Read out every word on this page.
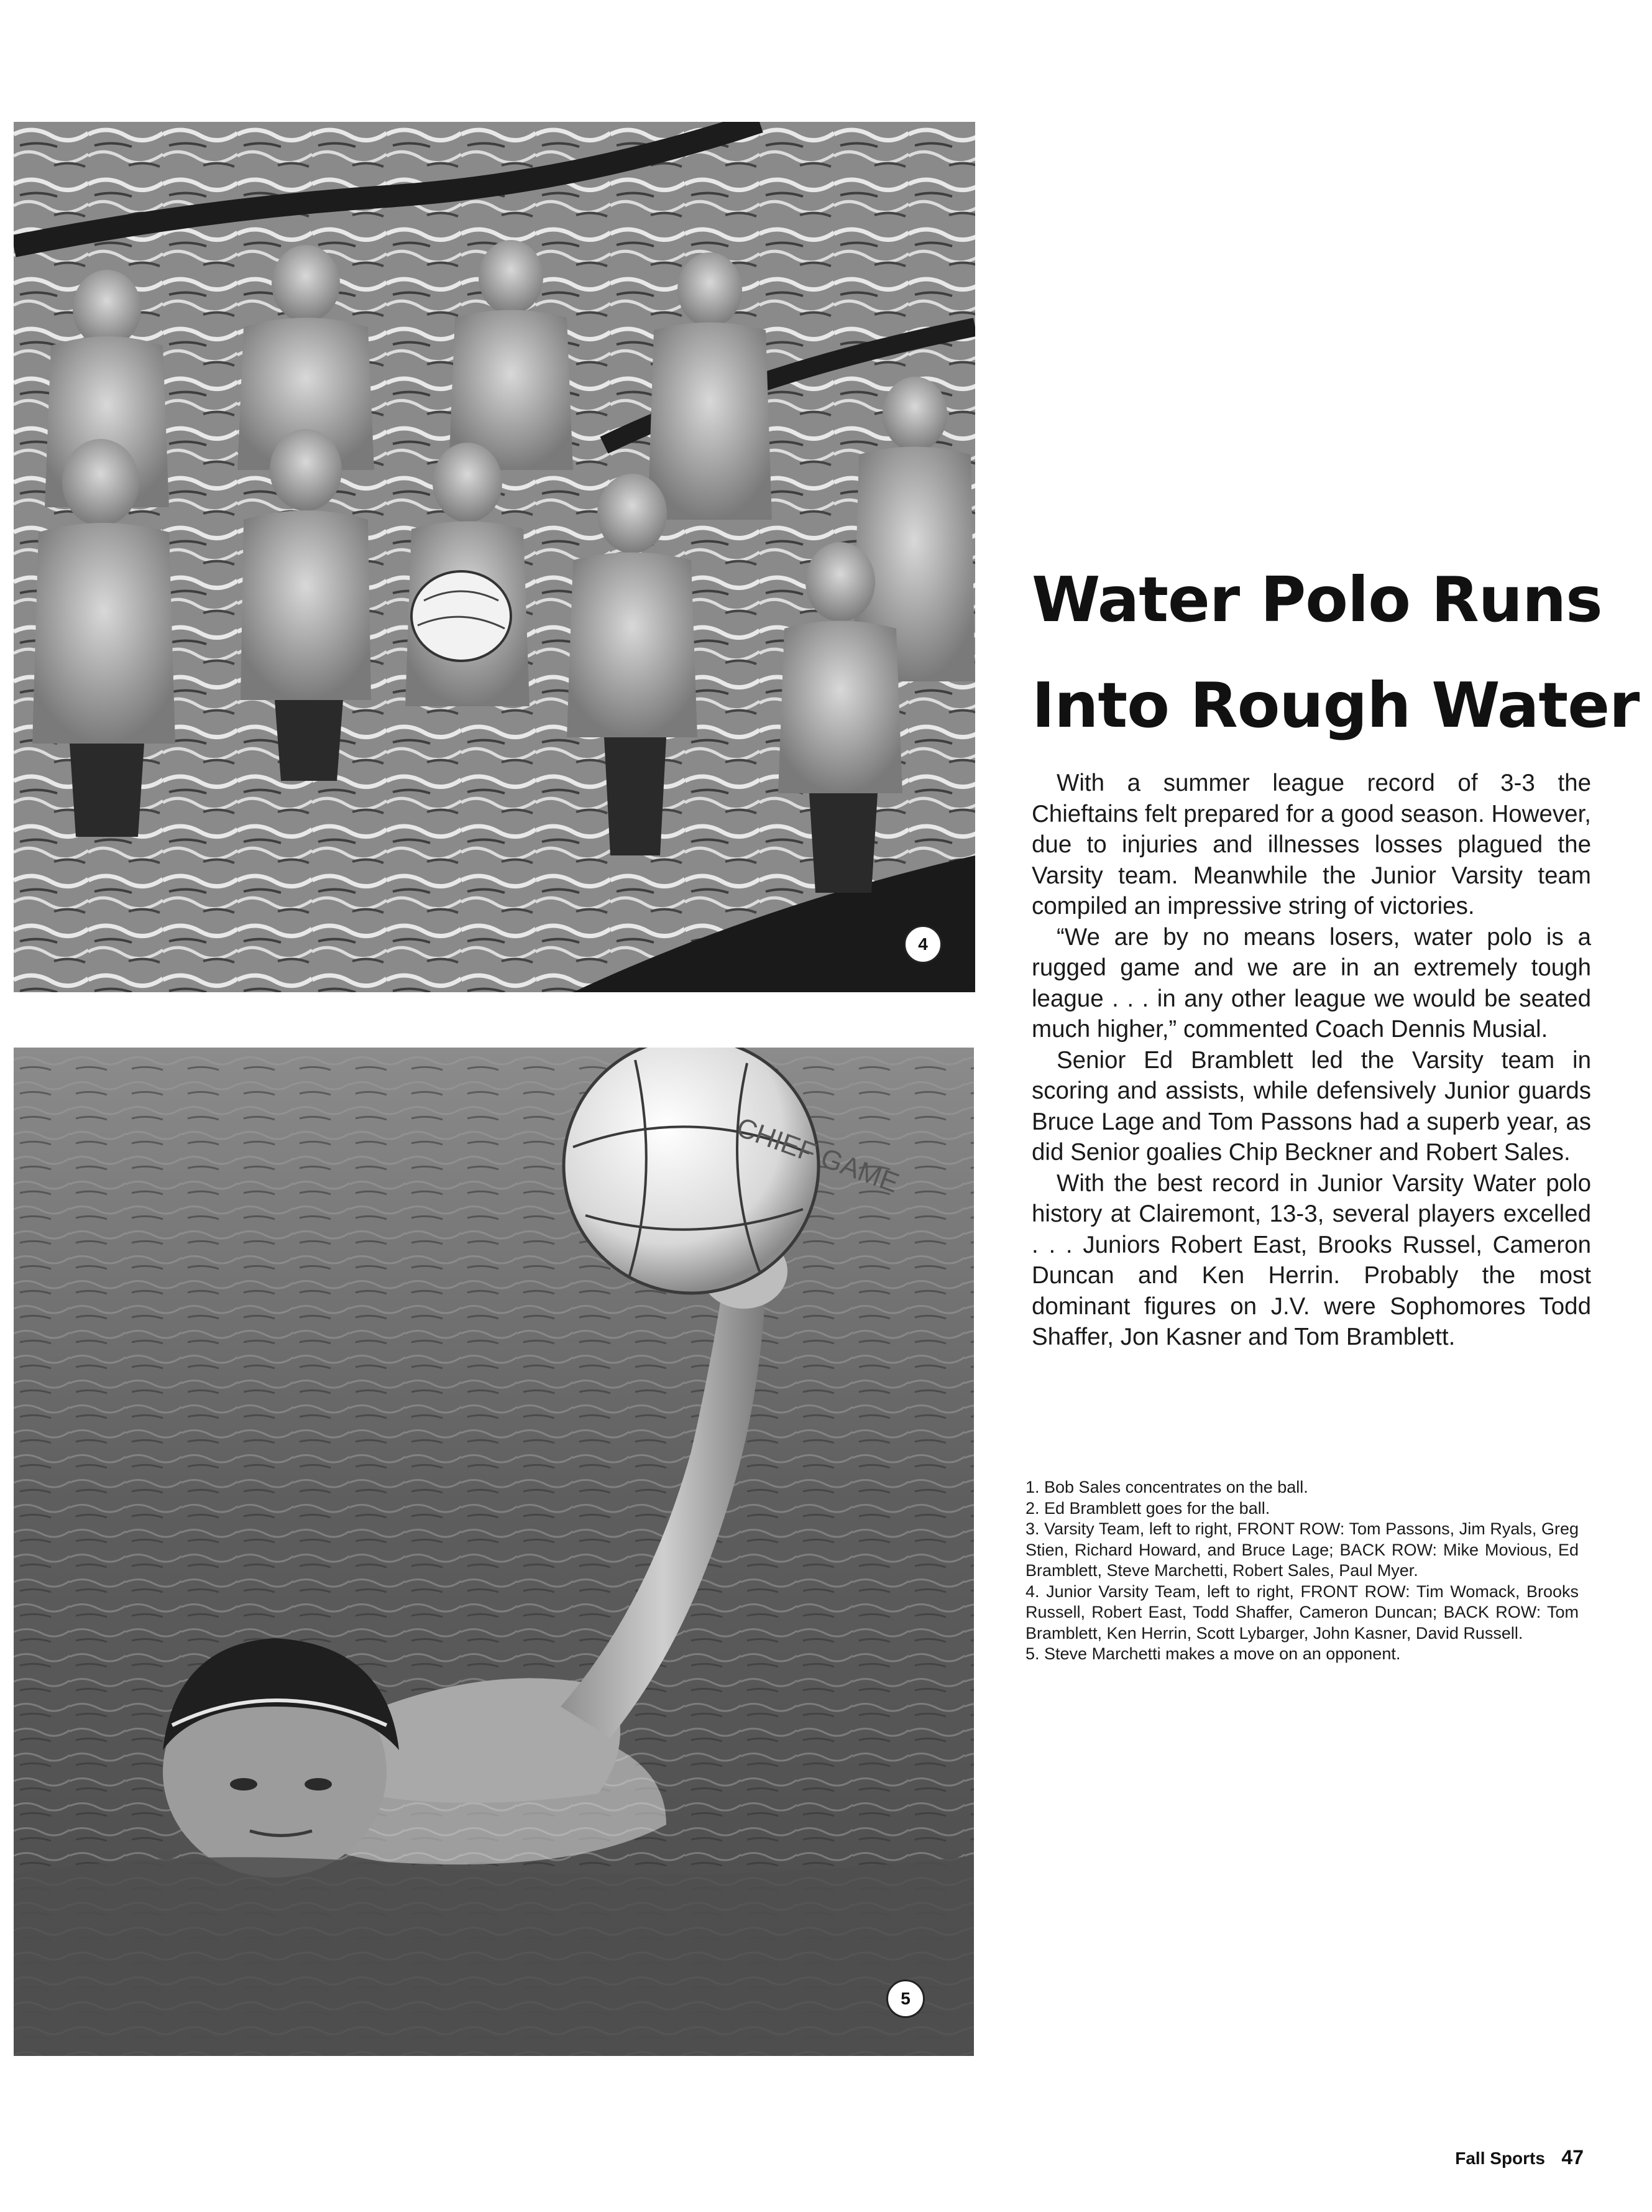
4
CHIEF GAME
5
Water Polo Runs
Into Rough Water

With a summer league record of 3-3 the Chieftains felt prepared for a good season. However, due to injuries and illnesses losses plagued the Varsity team. Meanwhile the Junior Varsity team compiled an impressive string of victories.

“We are by no means losers, water polo is a rugged game and we are in an extremely tough league . . . in any other league we would be seated much higher,” commented Coach Dennis Musial.

Senior Ed Bramblett led the Varsity team in scoring and assists, while defensively Junior guards Bruce Lage and Tom Passons had a superb year, as did Senior goalies Chip Beckner and Robert Sales.

With the best record in Junior Varsity Water polo history at Clairemont, 13-3, several players excelled . . . Juniors Robert East, Brooks Russel, Cameron Duncan and Ken Herrin. Probably the most dominant figures on J.V. were Sophomores Todd Shaffer, Jon Kasner and Tom Bramblett.

1. Bob Sales concentrates on the ball.
2. Ed Bramblett goes for the ball.
3. Varsity Team, left to right, FRONT ROW: Tom Passons, Jim Ryals, Greg Stien, Richard Howard, and Bruce Lage; BACK ROW: Mike Movious, Ed Bramblett, Steve Marchetti, Robert Sales, Paul Myer.
4. Junior Varsity Team, left to right, FRONT ROW: Tim Womack, Brooks Russell, Robert East, Todd Shaffer, Cameron Duncan; BACK ROW: Tom Bramblett, Ken Herrin, Scott Lybarger, John Kasner, David Russell.
5. Steve Marchetti makes a move on an opponent.
Fall Sports 47
